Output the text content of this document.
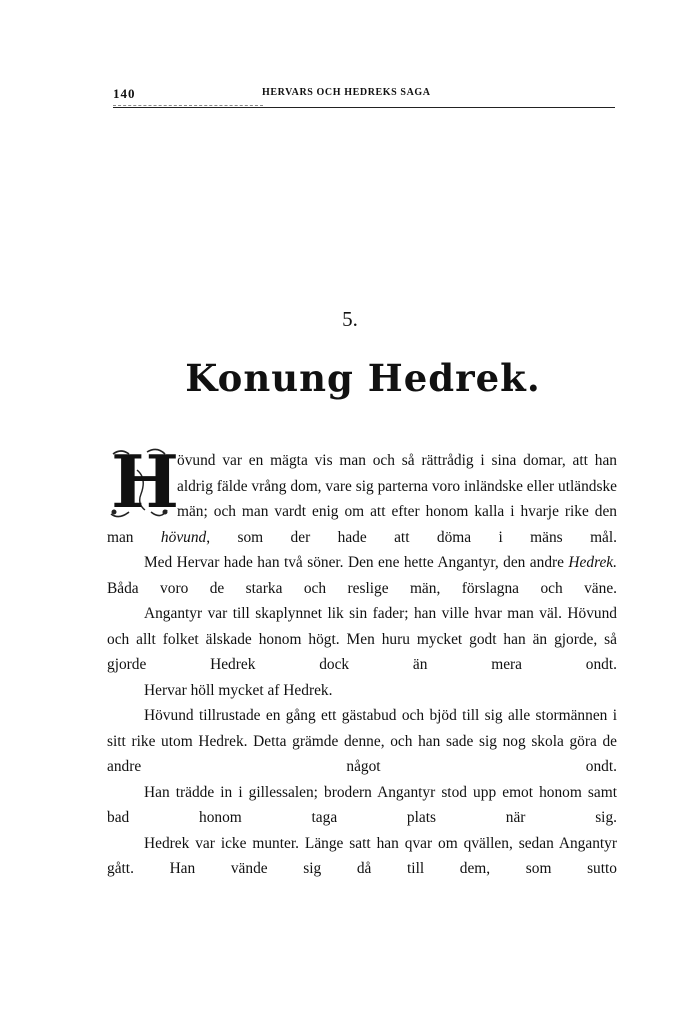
140	HERVARS OCH HEDREKS SAGA
5.
Konung Hedrek.

H
övund var en mägta vis man och så rättrådig i sina domar, att han aldrig fälde vrång dom, vare sig parterna voro inländske eller utländske män; och man vardt enig om att efter honom kalla i hvarje rike den man hövund, som der hade att döma i mäns mål.

Med Hervar hade han två söner. Den ene hette Angantyr, den andre Hedrek. Båda voro de starka och reslige män, förslagna och väne.

Angantyr var till skaplynnet lik sin fader; han ville hvar man väl. Hövund och allt folket älskade honom högt. Men huru mycket godt han än gjorde, så gjorde Hedrek dock än mera ondt.

Hervar höll mycket af Hedrek.

Hövund tillrustade en gång ett gästabud och bjöd till sig alle stormännen i sitt rike utom Hedrek. Detta grämde denne, och han sade sig nog skola göra de andre något ondt.

Han trädde in i gillessalen; brodern Angantyr stod upp emot honom samt bad honom taga plats när sig.

Hedrek var icke munter. Länge satt han qvar om qvällen, sedan Angantyr gått. Han vände sig då till dem, som sutto
